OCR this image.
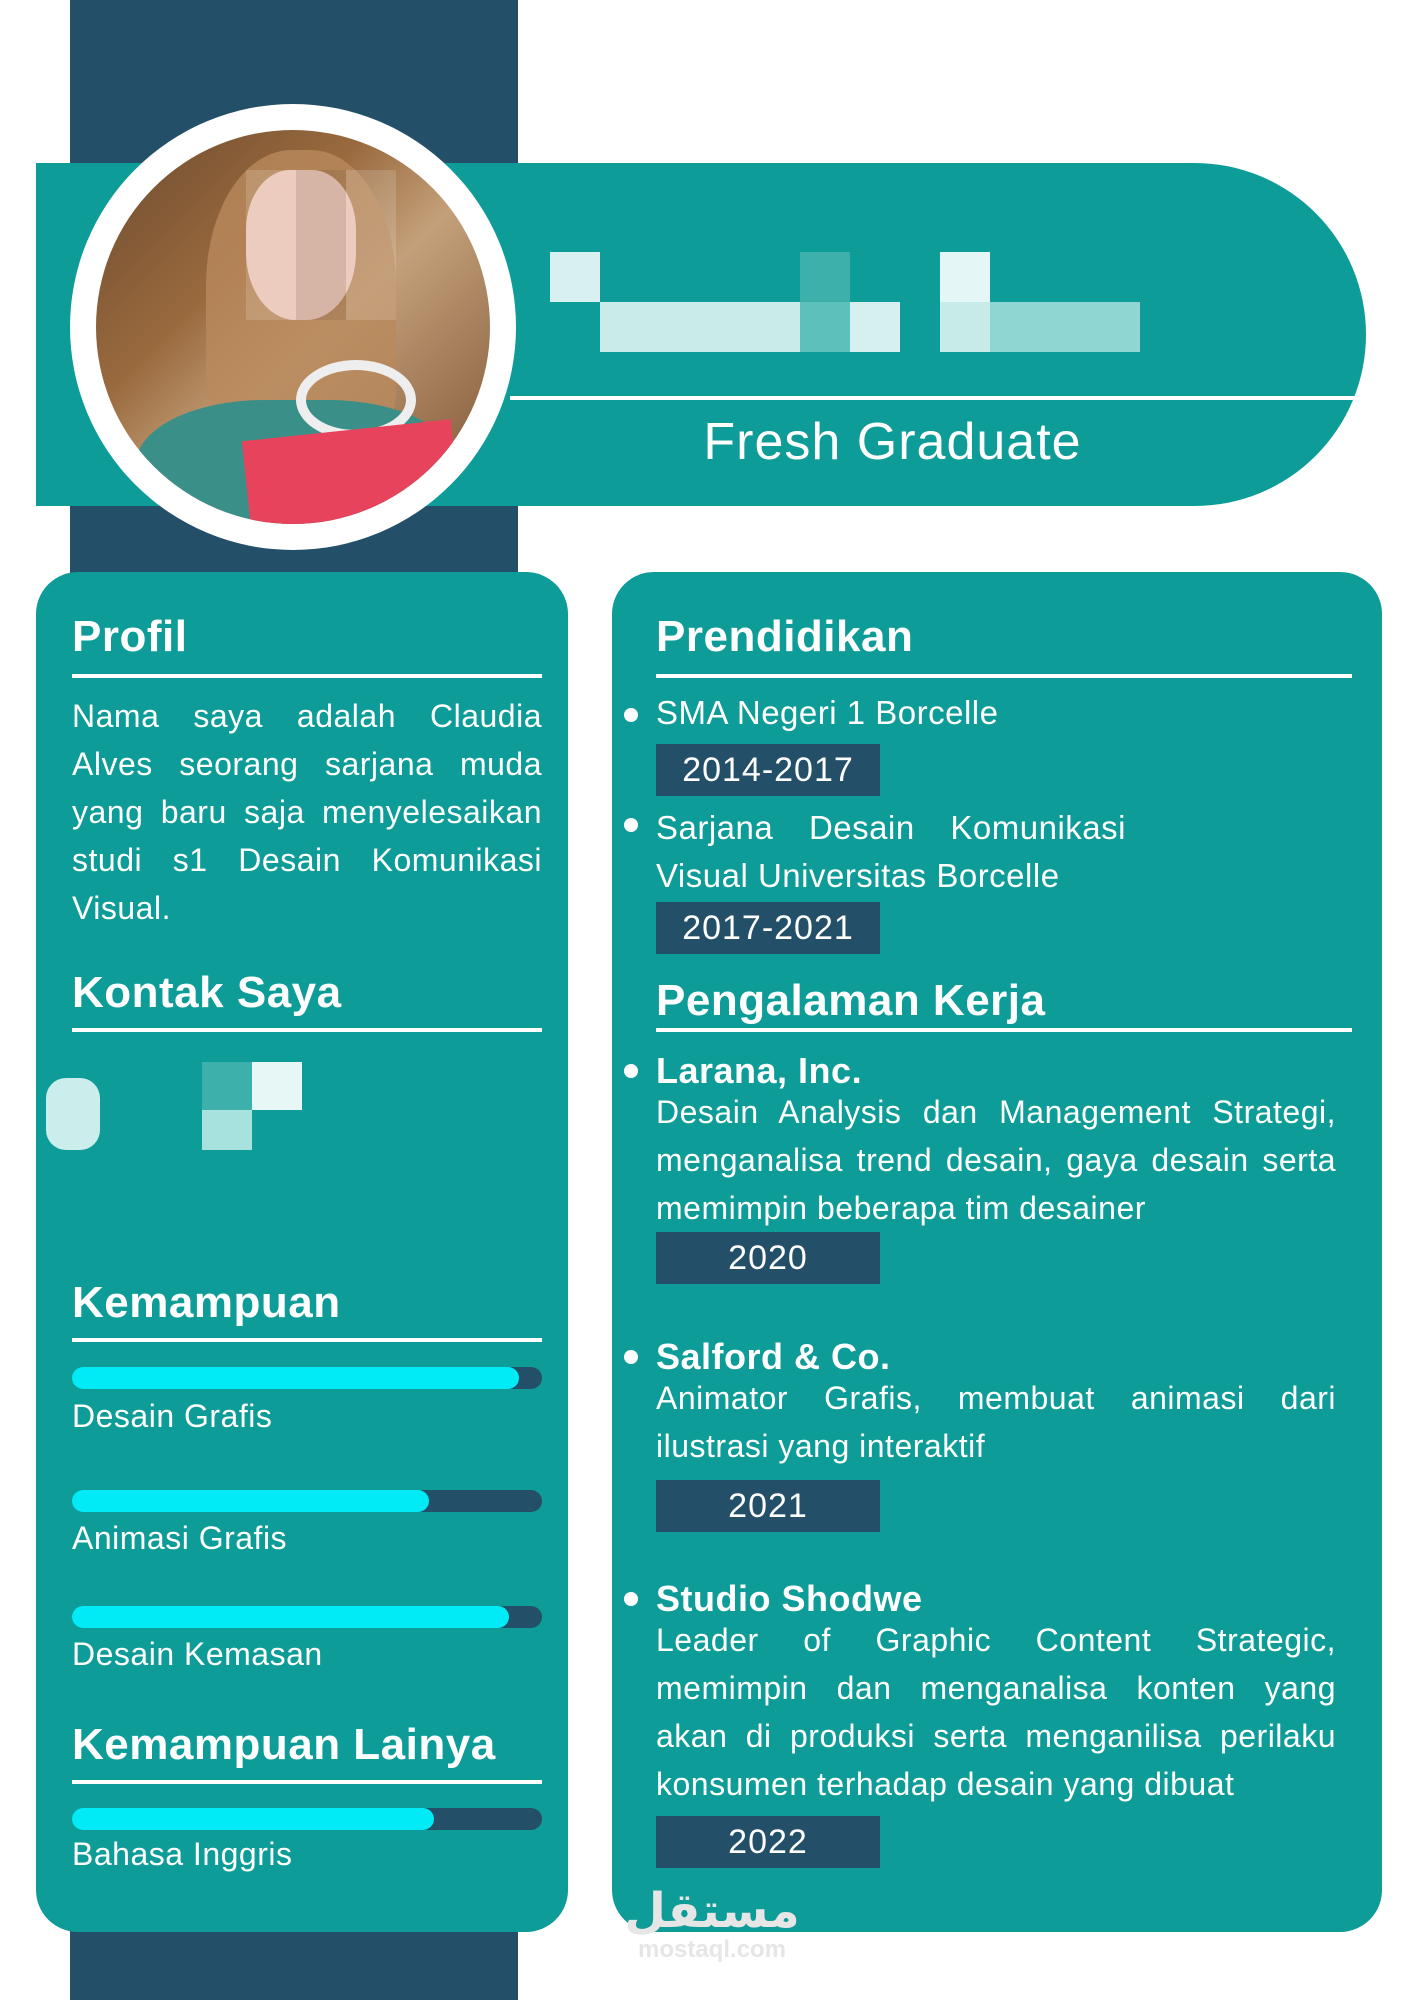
Fresh Graduate
Profil
Nama saya adalah Claudia Alves seorang sarjana muda yang baru saja menyelesaikan studi s1 Desain Komunikasi Visual.
Kontak Saya
Kemampuan
Desain Grafis
Animasi Grafis
Desain Kemasan
Kemampuan Lainya
Bahasa Inggris
Prendidikan
SMA Negeri 1 Borcelle
2014-2017
Sarjana Desain Komunikasi Visual Universitas Borcelle
2017-2021
Pengalaman Kerja
Larana, Inc.
Desain Analysis dan Management Strategi, menganalisa trend desain, gaya desain serta memimpin beberapa tim desainer
2020
Salford & Co.
Animator Grafis, membuat animasi dari ilustrasi yang interaktif
2021
Studio Shodwe
Leader of Graphic Content Strategic, memimpin dan menganalisa konten yang akan di produksi serta menganilisa perilaku konsumen terhadap desain yang dibuat
2022
مستقل
mostaql.com
